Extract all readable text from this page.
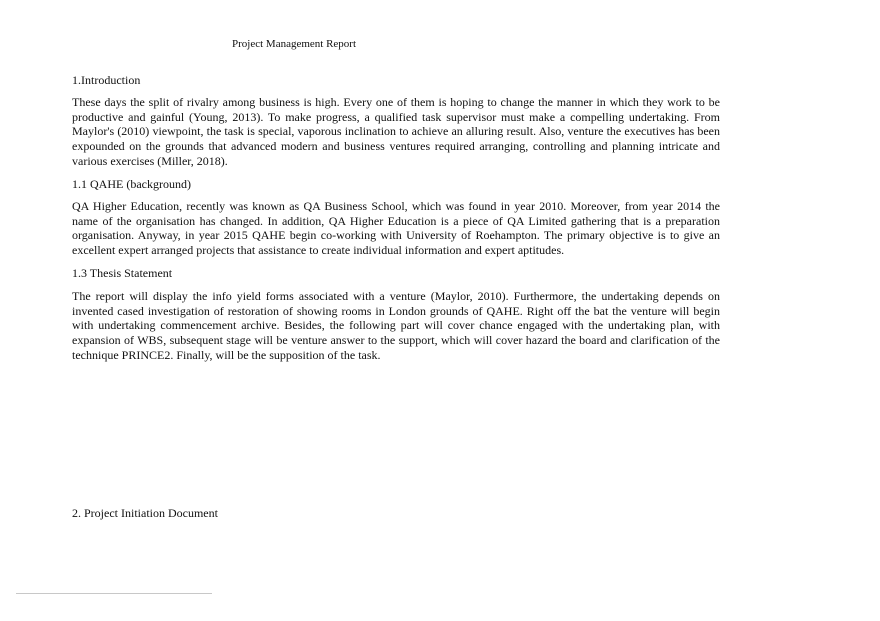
Project Management Report
1.Introduction

These days the split of rivalry among business is high. Every one of them is hoping to change the manner in which they work to be productive and gainful (Young, 2013). To make progress, a qualified task supervisor must make a compelling undertaking. From Maylor's (2010) viewpoint, the task is special, vaporous inclination to achieve an alluring result. Also, venture the executives has been expounded on the grounds that advanced modern and business ventures required arranging, controlling and planning intricate and various exercises (Miller, 2018).

1.1 QAHE (background)

QA Higher Education, recently was known as QA Business School, which was found in year 2010. Moreover, from year 2014 the name of the organisation has changed. In addition, QA Higher Education is a piece of QA Limited gathering that is a preparation organisation. Anyway, in year 2015 QAHE begin co-working with University of Roehampton. The primary objective is to give an excellent expert arranged projects that assistance to create individual information and expert aptitudes.

1.3 Thesis Statement

The report will display the info yield forms associated with a venture (Maylor, 2010). Furthermore, the undertaking depends on invented cased investigation of restoration of showing rooms in London grounds of QAHE. Right off the bat the venture will begin with undertaking commencement archive. Besides, the following part will cover chance engaged with the undertaking plan, with expansion of WBS, subsequent stage will be venture answer to the support, which will cover hazard the board and clarification of the technique PRINCE2. Finally, will be the supposition of the task.

2. Project Initiation Document
